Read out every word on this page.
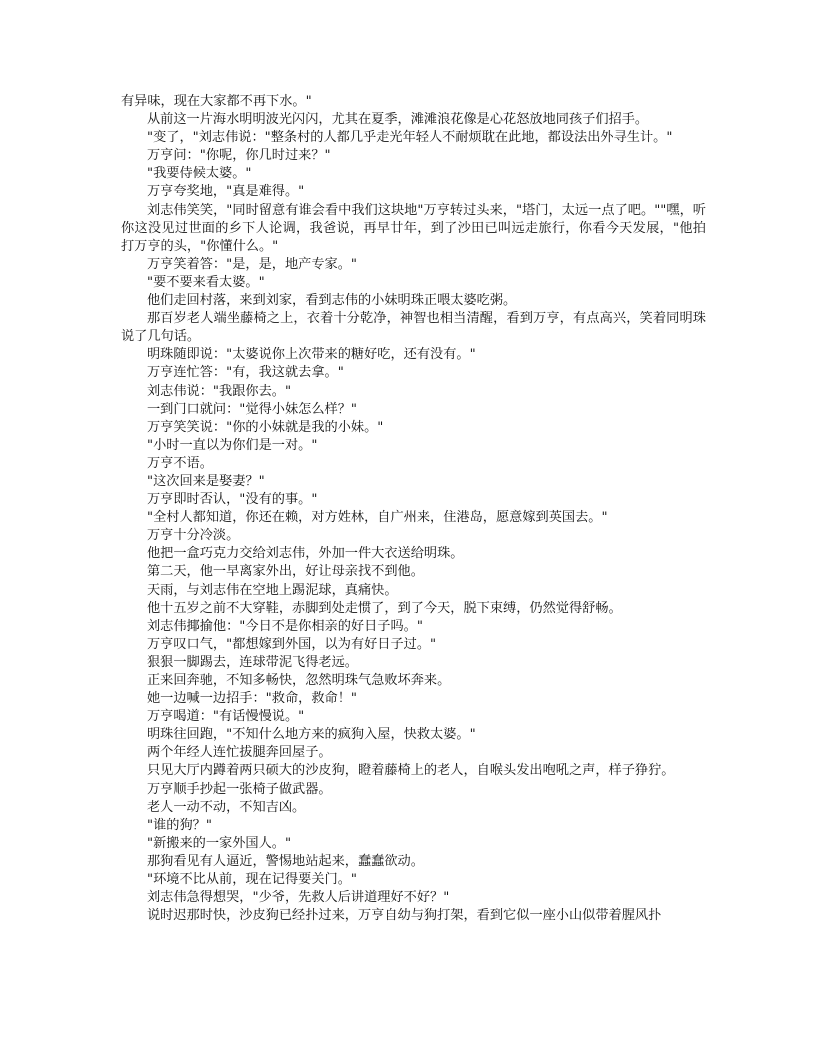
有异味，现在大家都不再下水。"

从前这一片海水明明波光闪闪，尤其在夏季，滩滩浪花像是心花怒放地同孩子们招手。

"变了，"刘志伟说："整条村的人都几乎走光年轻人不耐烦耽在此地，都设法出外寻生计。"

万亨问："你呢，你几时过来？"

"我要侍候太婆。"

万亨夸奖地，"真是难得。"

刘志伟笑笑，"同时留意有谁会看中我们这块地"万亨转过头来，"塔门，太远一点了吧。""嘿，听你这没见过世面的乡下人论调，我爸说，再早廿年，到了沙田已叫远走旅行，你看今天发展，"他拍打万亨的头，"你懂什么。"

万亨笑着答："是，是，地产专家。"

"要不要来看太婆。"

他们走回村落，来到刘家，看到志伟的小妹明珠正喂太婆吃粥。

那百岁老人端坐藤椅之上，衣着十分乾净，神智也相当清醒，看到万亨，有点高兴，笑着同明珠说了几句话。

明珠随即说："太婆说你上次带来的糖好吃，还有没有。"

万亨连忙答："有，我这就去拿。"

刘志伟说："我跟你去。"

一到门口就问："觉得小妹怎么样？"

万亨笑笑说："你的小妹就是我的小妹。"

"小时一直以为你们是一对。"

万亨不语。

"这次回来是娶妻？"

万亨即时否认，"没有的事。"

"全村人都知道，你还在赖，对方姓林，自广州来，住港岛，愿意嫁到英国去。"

万亨十分冷淡。

他把一盒巧克力交给刘志伟，外加一件大衣送给明珠。

第二天，他一早离家外出，好让母亲找不到他。

天雨，与刘志伟在空地上踢泥球，真痛快。

他十五岁之前不大穿鞋，赤脚到处走惯了，到了今天，脱下束缚，仍然觉得舒畅。

刘志伟揶揄他："今日不是你相亲的好日子吗。"

万亨叹口气，"都想嫁到外国，以为有好日子过。"

狠狠一脚踢去，连球带泥飞得老远。

正来回奔驰，不知多畅快，忽然明珠气急败坏奔来。

她一边喊一边招手："救命，救命！"

万亨喝道："有话慢慢说。"

明珠往回跑，"不知什么地方来的疯狗入屋，快救太婆。"

两个年经人连忙拔腿奔回屋子。

只见大厅内蹲着两只硕大的沙皮狗，瞪着藤椅上的老人，自喉头发出咆吼之声，样子狰狞。

万亨顺手抄起一张椅子做武器。

老人一动不动，不知吉凶。

"谁的狗？"

"新搬来的一家外国人。"

那狗看见有人逼近，警惕地站起来，蠢蠢欲动。

"环境不比从前，现在记得要关门。"

刘志伟急得想哭，"少爷，先救人后讲道理好不好？"

说时迟那时快，沙皮狗已经扑过来，万亨自幼与狗打架，看到它似一座小山似带着腥风扑
